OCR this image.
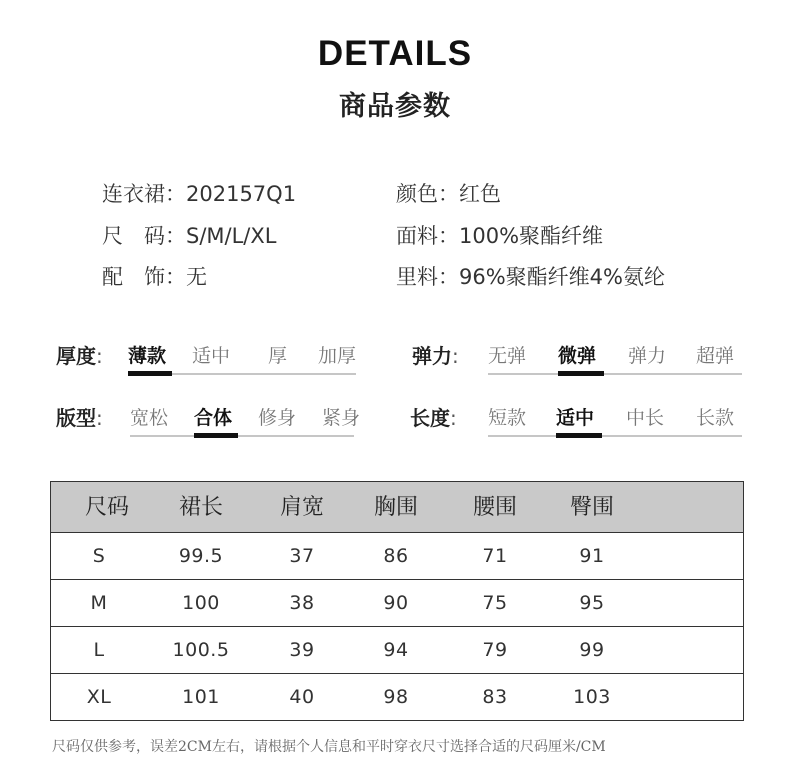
DETAILS
商品参数
连衣裙：202157Q1
尺　码：S/M/L/XL
配　饰：无
颜色：红色
面料：100%聚酯纤维
里料：96%聚酯纤维4%氨纶
厚度: 薄款 适中 厚 加厚	弹力: 无弹 微弹 弹力 超弹
版型: 宽松 合体 修身 紧身 长度: 短款 适中 中长 长款
尺码 裙长	肩宽 胸围 腰围 臀围
S	99.5	37	86	71	91
M	100	38	90	75	95
L	100.5	39	94	79	99
XL	101	40	98	83	103
尺码仅供参考，误差2CM左右，请根据个人信息和平时穿衣尺寸选择合适的尺码厘米/CM
